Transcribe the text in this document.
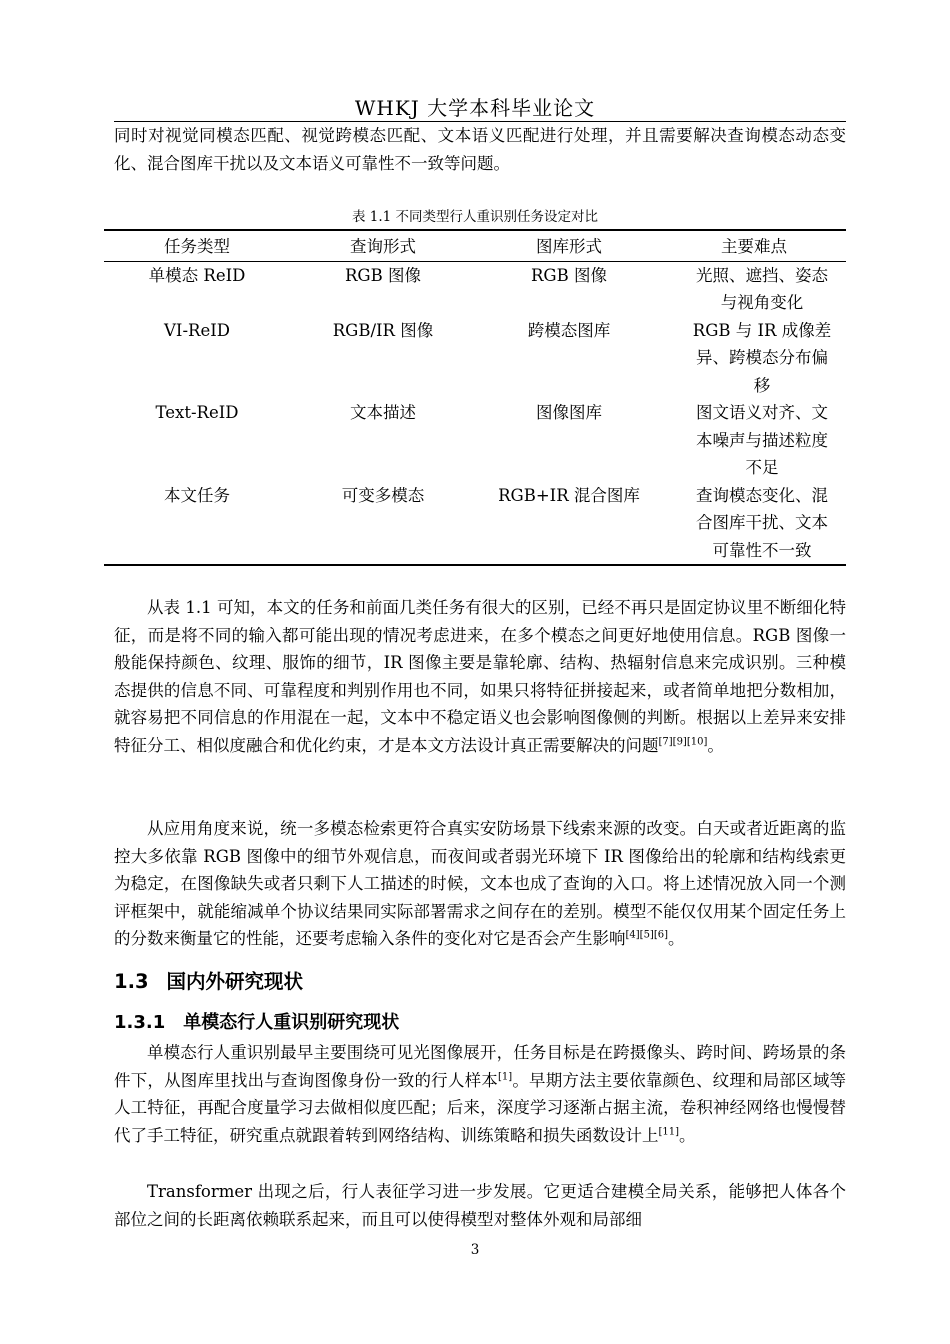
WHKJ 大学本科毕业论文
同时对视觉同模态匹配、视觉跨模态匹配、文本语义匹配进行处理，并且需要解决查询模态动态变化、混合图库干扰以及文本语义可靠性不一致等问题。
表 1.1 不同类型行人重识别任务设定对比
任务类型	查询形式	图库形式	主要难点
单模态 ReID	RGB 图像	RGB 图像	光照、遮挡、姿态与视角变化
VI-ReID	RGB/IR 图像	跨模态图库	RGB 与 IR 成像差异、跨模态分布偏移
Text-ReID	文本描述	图像图库	图文语义对齐、文本噪声与描述粒度不足
本文任务	可变多模态	RGB+IR 混合图库	查询模态变化、混合图库干扰、文本可靠性不一致
从表 1.1 可知，本文的任务和前面几类任务有很大的区别，已经不再只是固定协议里不断细化特征，而是将不同的输入都可能出现的情况考虑进来，在多个模态之间更好地使用信息。RGB 图像一般能保持颜色、纹理、服饰的细节，IR 图像主要是靠轮廓、结构、热辐射信息来完成识别。三种模态提供的信息不同、可靠程度和判别作用也不同，如果只将特征拼接起来，或者简单地把分数相加，就容易把不同信息的作用混在一起，文本中不稳定语义也会影响图像侧的判断。根据以上差异来安排特征分工、相似度融合和优化约束，才是本文方法设计真正需要解决的问题[7][9][10]。
从应用角度来说，统一多模态检索更符合真实安防场景下线索来源的改变。白天或者近距离的监控大多依靠 RGB 图像中的细节外观信息，而夜间或者弱光环境下 IR 图像给出的轮廓和结构线索更为稳定，在图像缺失或者只剩下人工描述的时候，文本也成了查询的入口。将上述情况放入同一个测评框架中，就能缩减单个协议结果同实际部署需求之间存在的差别。模型不能仅仅用某个固定任务上的分数来衡量它的性能，还要考虑输入条件的变化对它是否会产生影响[4][5][6]。
1.3 国内外研究现状
1.3.1 单模态行人重识别研究现状
单模态行人重识别最早主要围绕可见光图像展开，任务目标是在跨摄像头、跨时间、跨场景的条件下，从图库里找出与查询图像身份一致的行人样本[1]。早期方法主要依靠颜色、纹理和局部区域等人工特征，再配合度量学习去做相似度匹配；后来，深度学习逐渐占据主流，卷积神经网络也慢慢替代了手工特征，研究重点就跟着转到网络结构、训练策略和损失函数设计上[11]。
Transformer 出现之后，行人表征学习进一步发展。它更适合建模全局关系，能够把人体各个部位之间的长距离依赖联系起来，而且可以使得模型对整体外观和局部细
3
